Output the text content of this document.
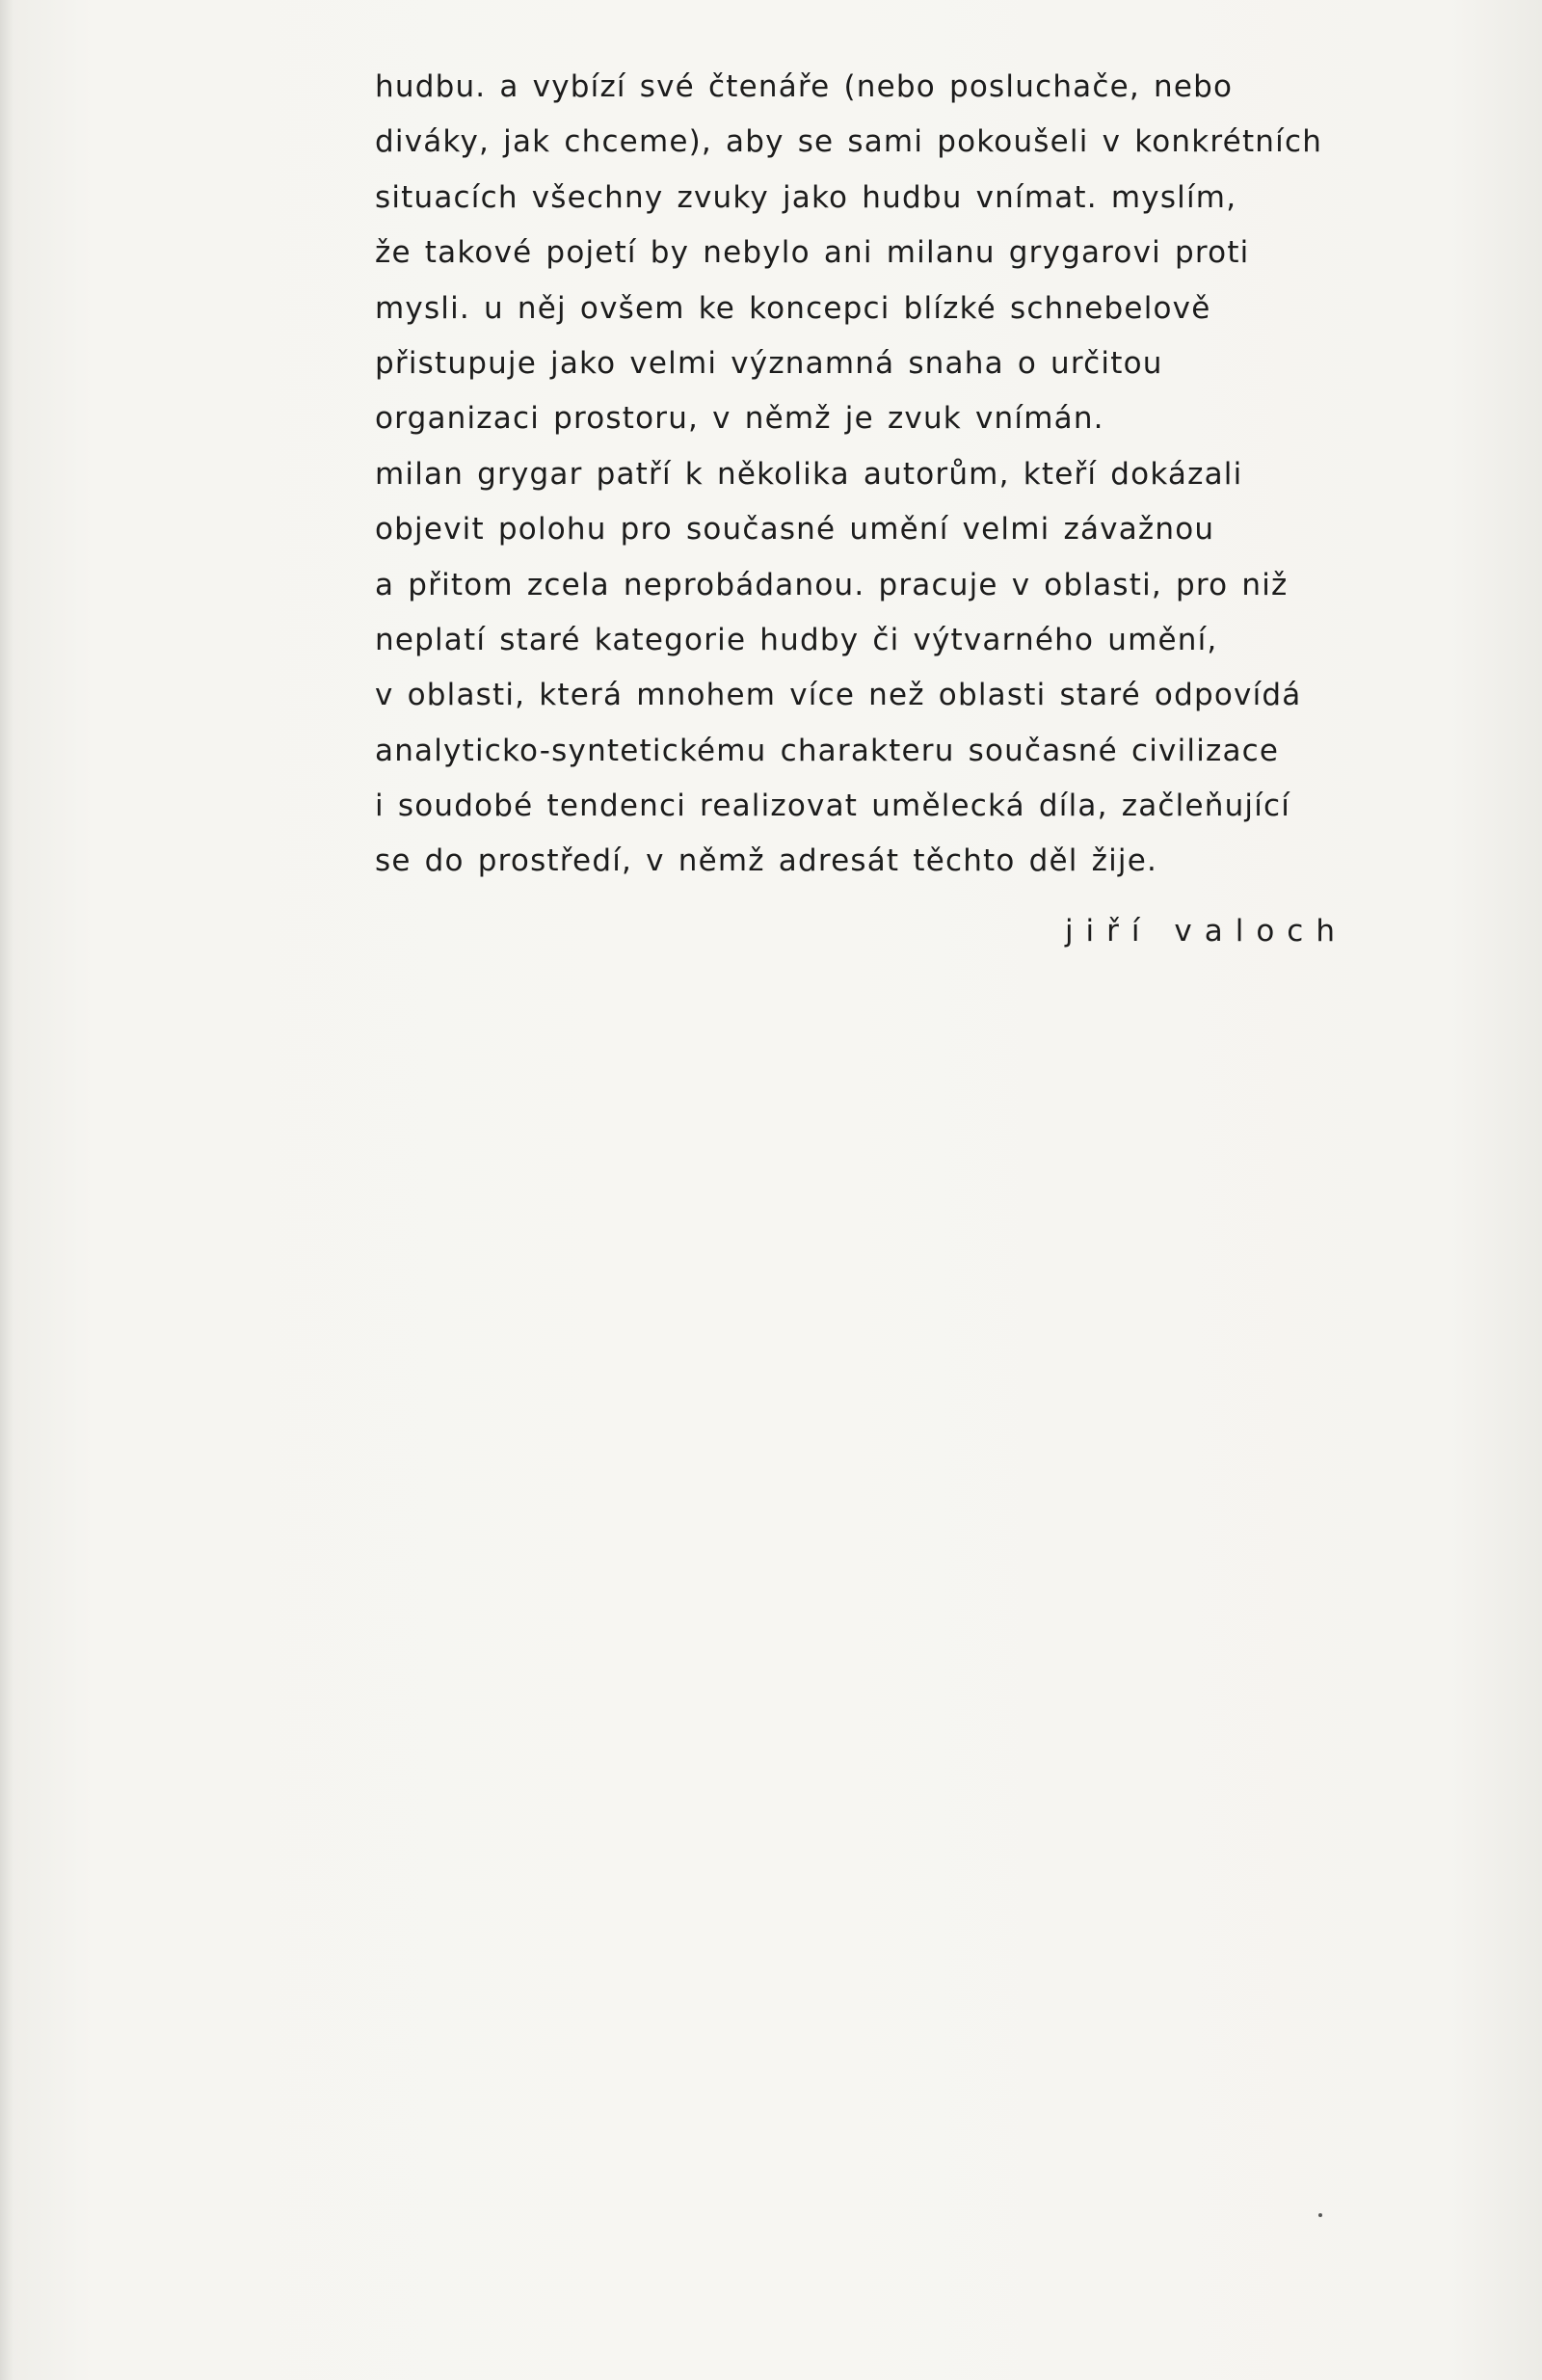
hudbu. a vybízí své čtenáře (nebo posluchače, nebo
diváky, jak chceme), aby se sami pokoušeli v konkrétních
situacích všechny zvuky jako hudbu vnímat. myslím,
že takové pojetí by nebylo ani milanu grygarovi proti
mysli. u něj ovšem ke koncepci blízké schnebelově
přistupuje jako velmi významná snaha o určitou
organizaci prostoru, v němž je zvuk vnímán.
milan grygar patří k několika autorům, kteří dokázali
objevit polohu pro současné umění velmi závažnou
a přitom zcela neprobádanou. pracuje v oblasti, pro niž
neplatí staré kategorie hudby či výtvarného umění,
v oblasti, která mnohem více než oblasti staré odpovídá
analyticko-syntetickému charakteru současné civilizace
i soudobé tendenci realizovat umělecká díla, začleňující
se do prostředí, v němž adresát těchto děl žije.
jiří valoch
